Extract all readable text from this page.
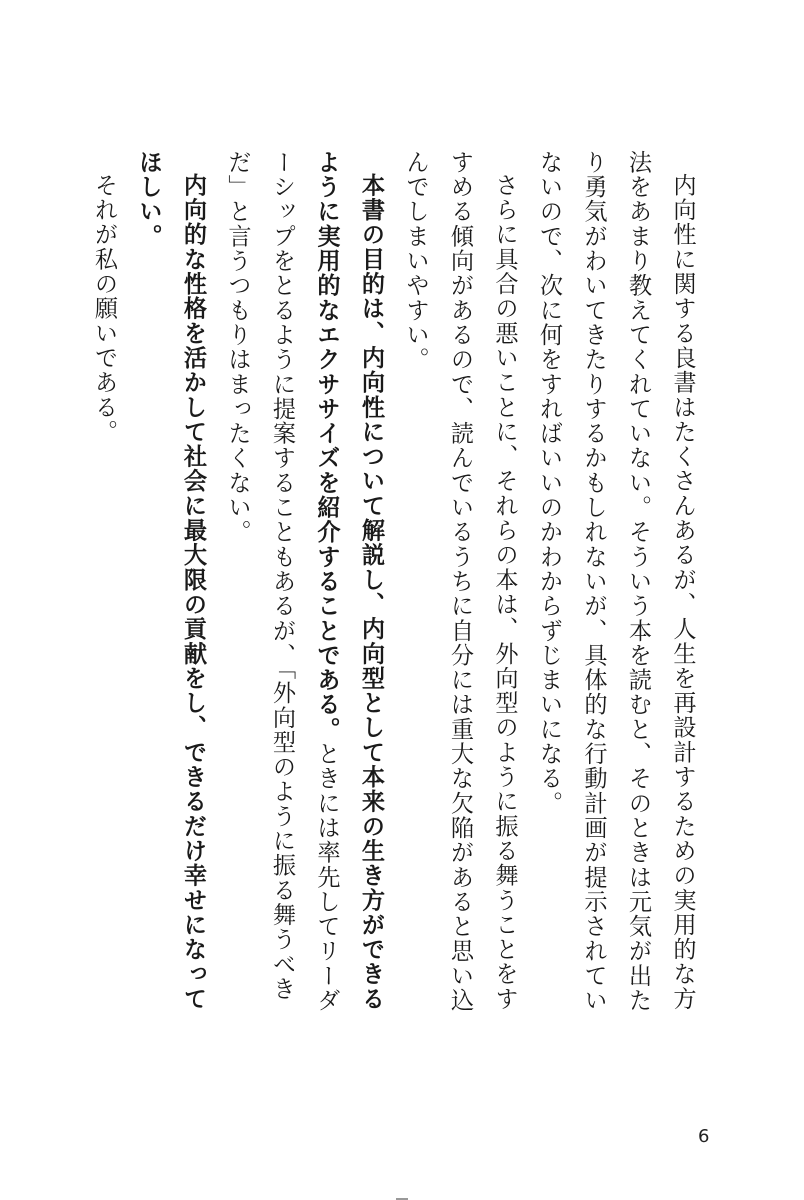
内向性に関する良書はたくさんあるが、人生を再設計するための実用的な方法をあまり教えてくれていない。そういう本を読むと、そのときは元気が出たり勇気がわいてきたりするかもしれないが、具体的な行動計画が提示されていないので、次に何をすればいいのかわからずじまいになる。

さらに具合の悪いことに、それらの本は、外向型のように振る舞うことをすすめる傾向があるので、読んでいるうちに自分には重大な欠陥があると思い込んでしまいやすい。

本書の目的は、内向性について解説し、内向型として本来の生き方ができるように実用的なエクササイズを紹介することである。ときには率先してリーダーシップをとるように提案することもあるが、「外向型のように振る舞うべきだ」と言うつもりはまったくない。

内向的な性格を活かして社会に最大限の貢献をし、できるだけ幸せになってほしい。
それが私の願いである。

6
